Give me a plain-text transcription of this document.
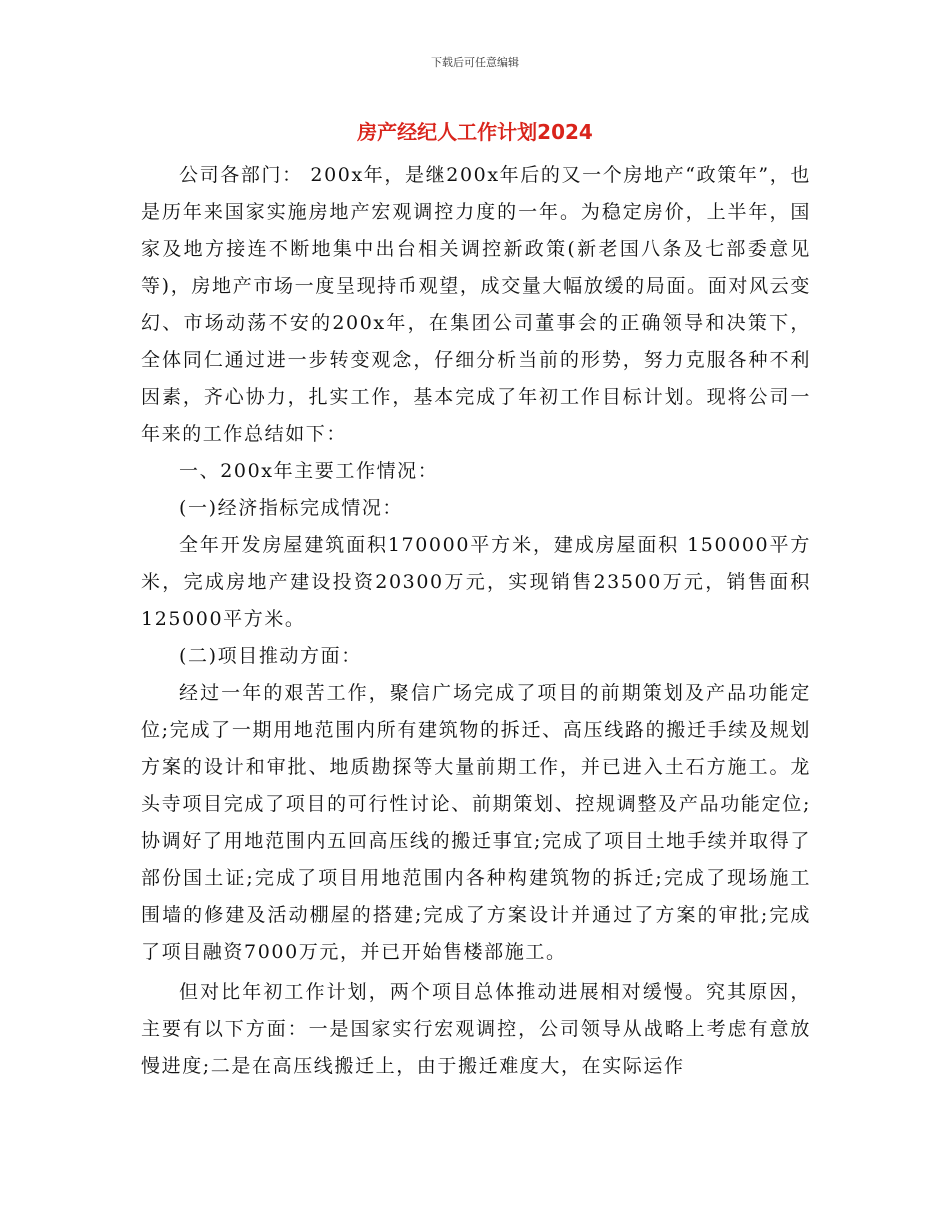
下载后可任意编辑
房产经纪人工作计划2024

公司各部门： 200x年，是继200x年后的又一个房地产“政策年”，也是历年来国家实施房地产宏观调控力度的一年。为稳定房价，上半年，国家及地方接连不断地集中出台相关调控新政策(新老国八条及七部委意见等)，房地产市场一度呈现持币观望，成交量大幅放缓的局面。面对风云变幻、市场动荡不安的200x年，在集团公司董事会的正确领导和决策下，全体同仁通过进一步转变观念，仔细分析当前的形势，努力克服各种不利因素，齐心协力，扎实工作，基本完成了年初工作目标计划。现将公司一年来的工作总结如下：

一、200x年主要工作情况：

(一)经济指标完成情况：

全年开发房屋建筑面积170000平方米，建成房屋面积 150000平方米，完成房地产建设投资20300万元，实现销售23500万元，销售面积125000平方米。

(二)项目推动方面：

经过一年的艰苦工作，聚信广场完成了项目的前期策划及产品功能定位;完成了一期用地范围内所有建筑物的拆迁、高压线路的搬迁手续及规划方案的设计和审批、地质勘探等大量前期工作，并已进入土石方施工。龙头寺项目完成了项目的可行性讨论、前期策划、控规调整及产品功能定位;协调好了用地范围内五回高压线的搬迁事宜;完成了项目土地手续并取得了部份国土证;完成了项目用地范围内各种构建筑物的拆迁;完成了现场施工围墙的修建及活动棚屋的搭建;完成了方案设计并通过了方案的审批;完成了项目融资7000万元，并已开始售楼部施工。

但对比年初工作计划，两个项目总体推动进展相对缓慢。究其原因，主要有以下方面：一是国家实行宏观调控，公司领导从战略上考虑有意放慢进度;二是在高压线搬迁上，由于搬迁难度大，在实际运作
